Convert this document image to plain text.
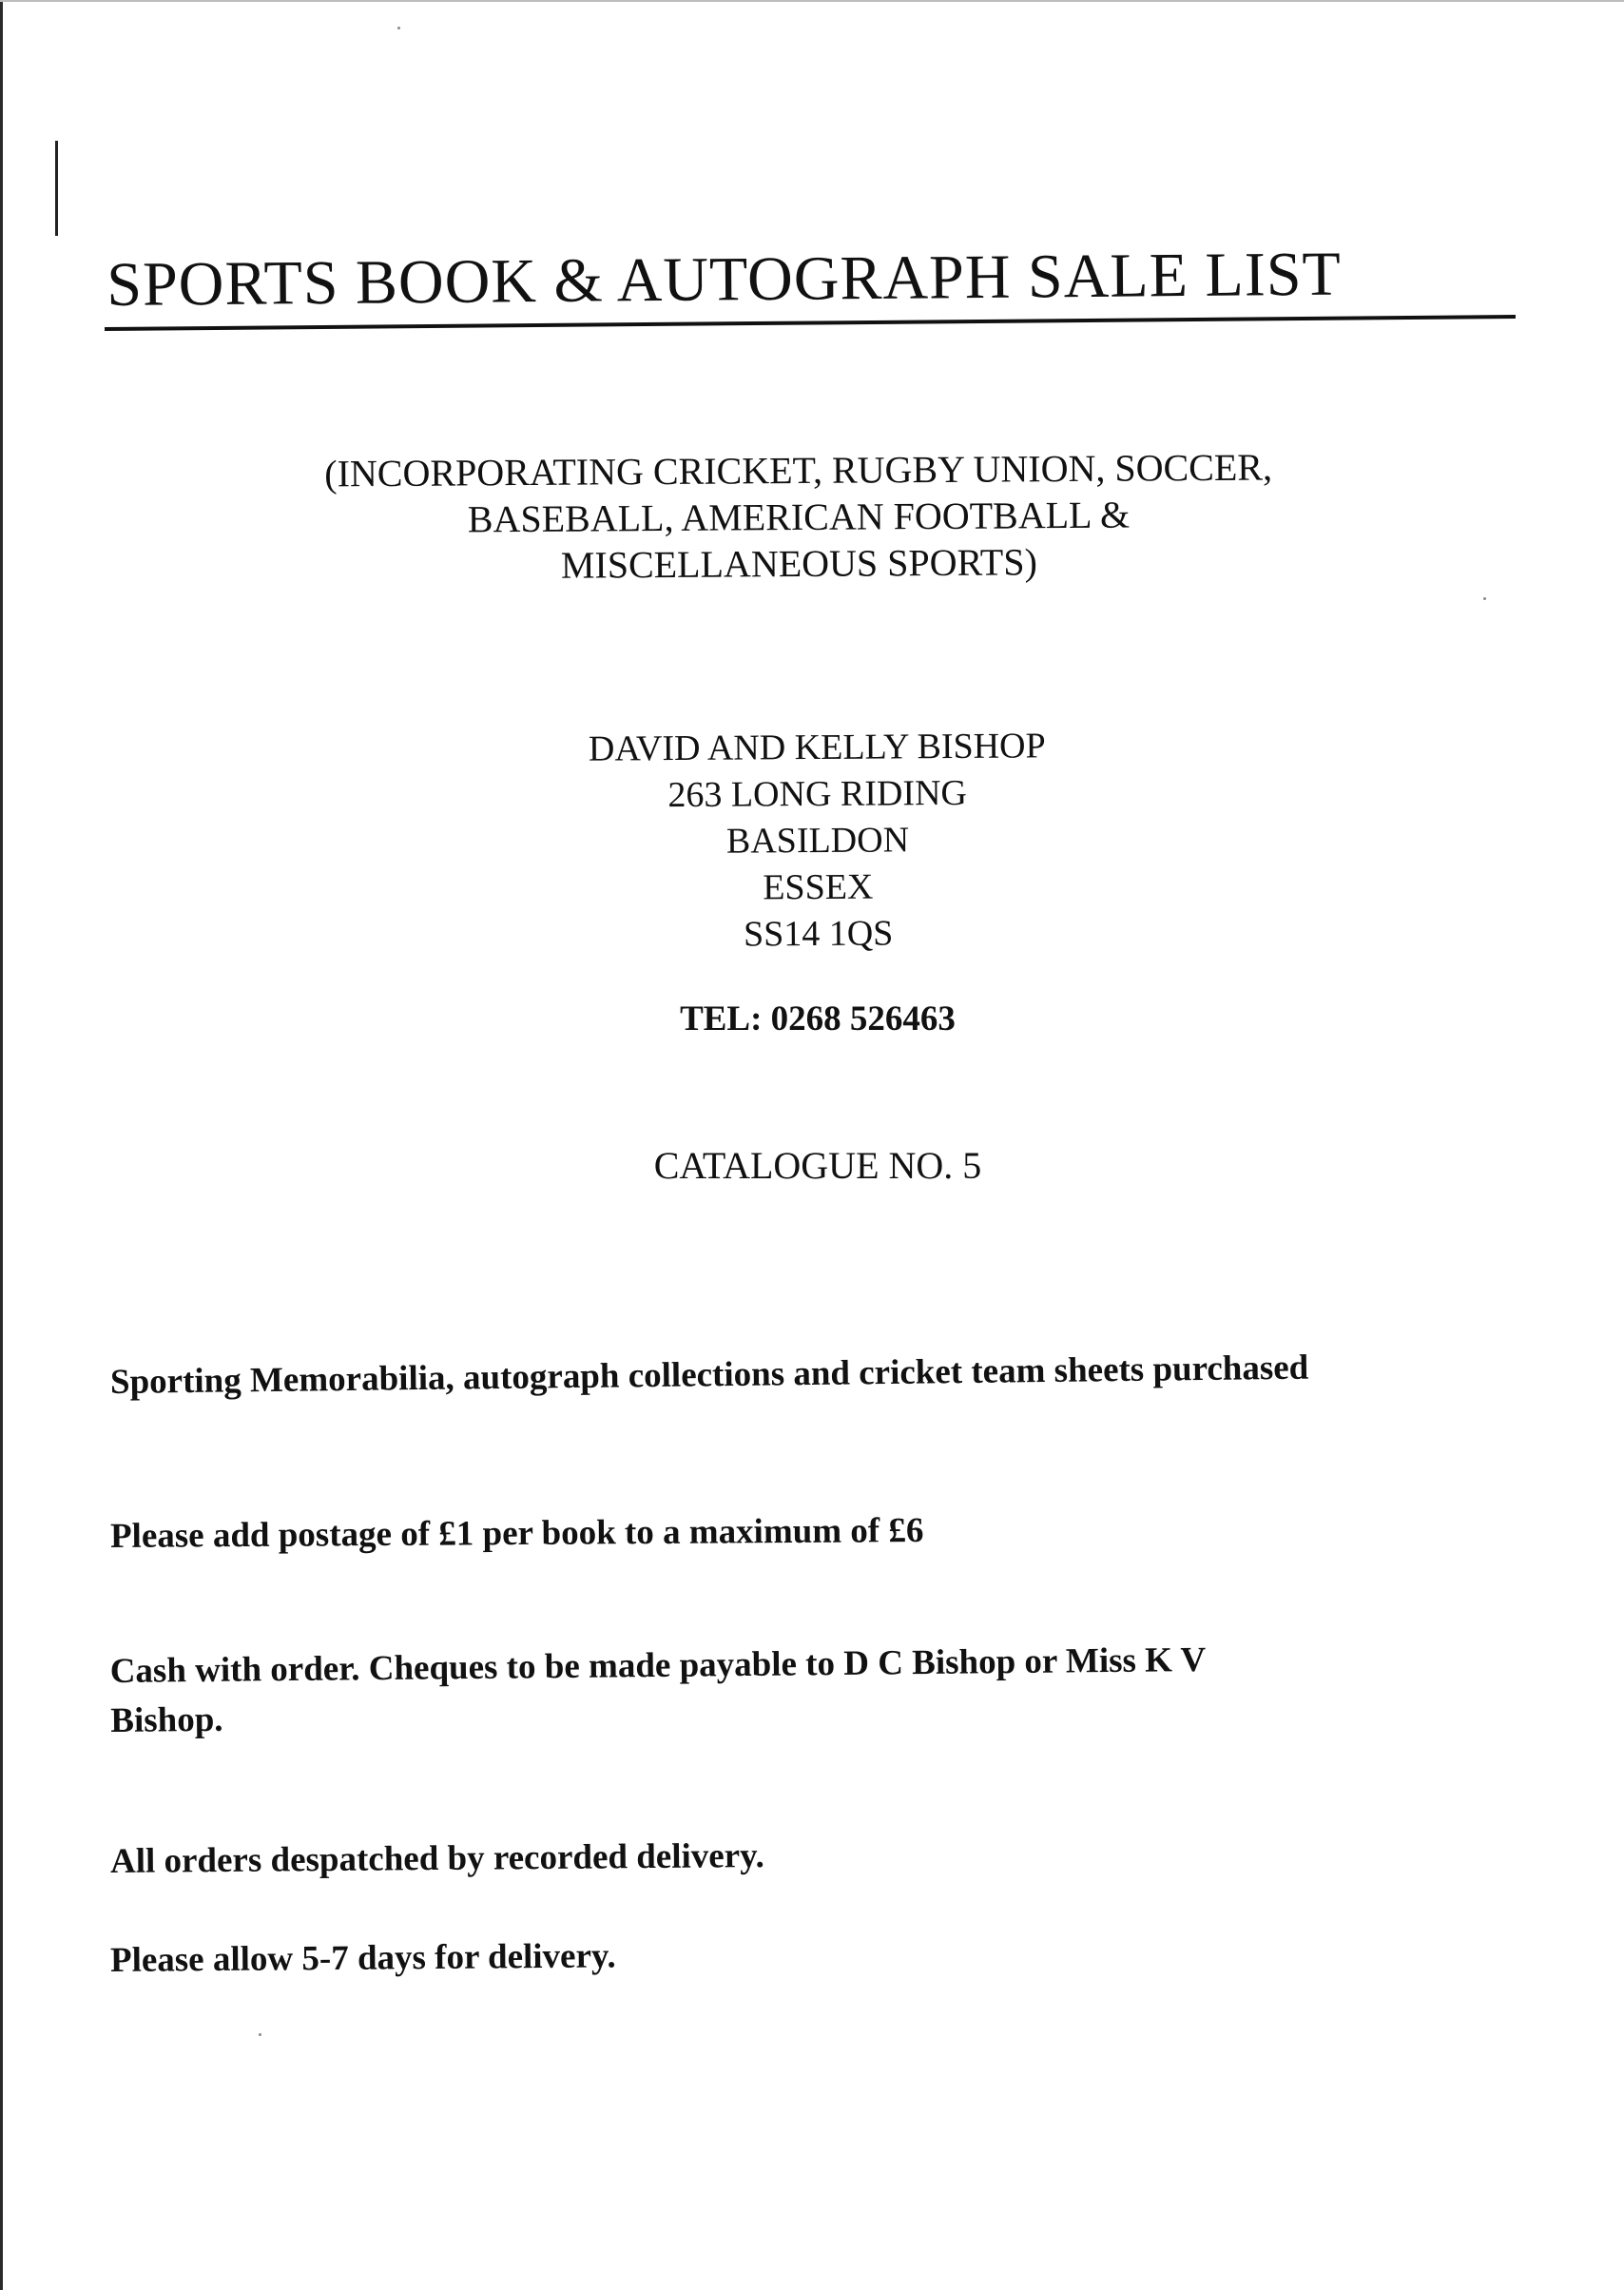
SPORTS BOOK & AUTOGRAPH SALE LIST
(INCORPORATING CRICKET, RUGBY UNION, SOCCER,
BASEBALL, AMERICAN FOOTBALL &
MISCELLANEOUS SPORTS)
DAVID AND KELLY BISHOP
263 LONG RIDING
BASILDON
ESSEX
SS14 1QS
TEL: 0268 526463
CATALOGUE NO. 5
Sporting Memorabilia, autograph collections and cricket team sheets purchased
Please add postage of £1 per book to a maximum of £6
Cash with order. Cheques to be made payable to D C Bishop or Miss K V
Bishop.
All orders despatched by recorded delivery.
Please allow 5-7 days for delivery.
